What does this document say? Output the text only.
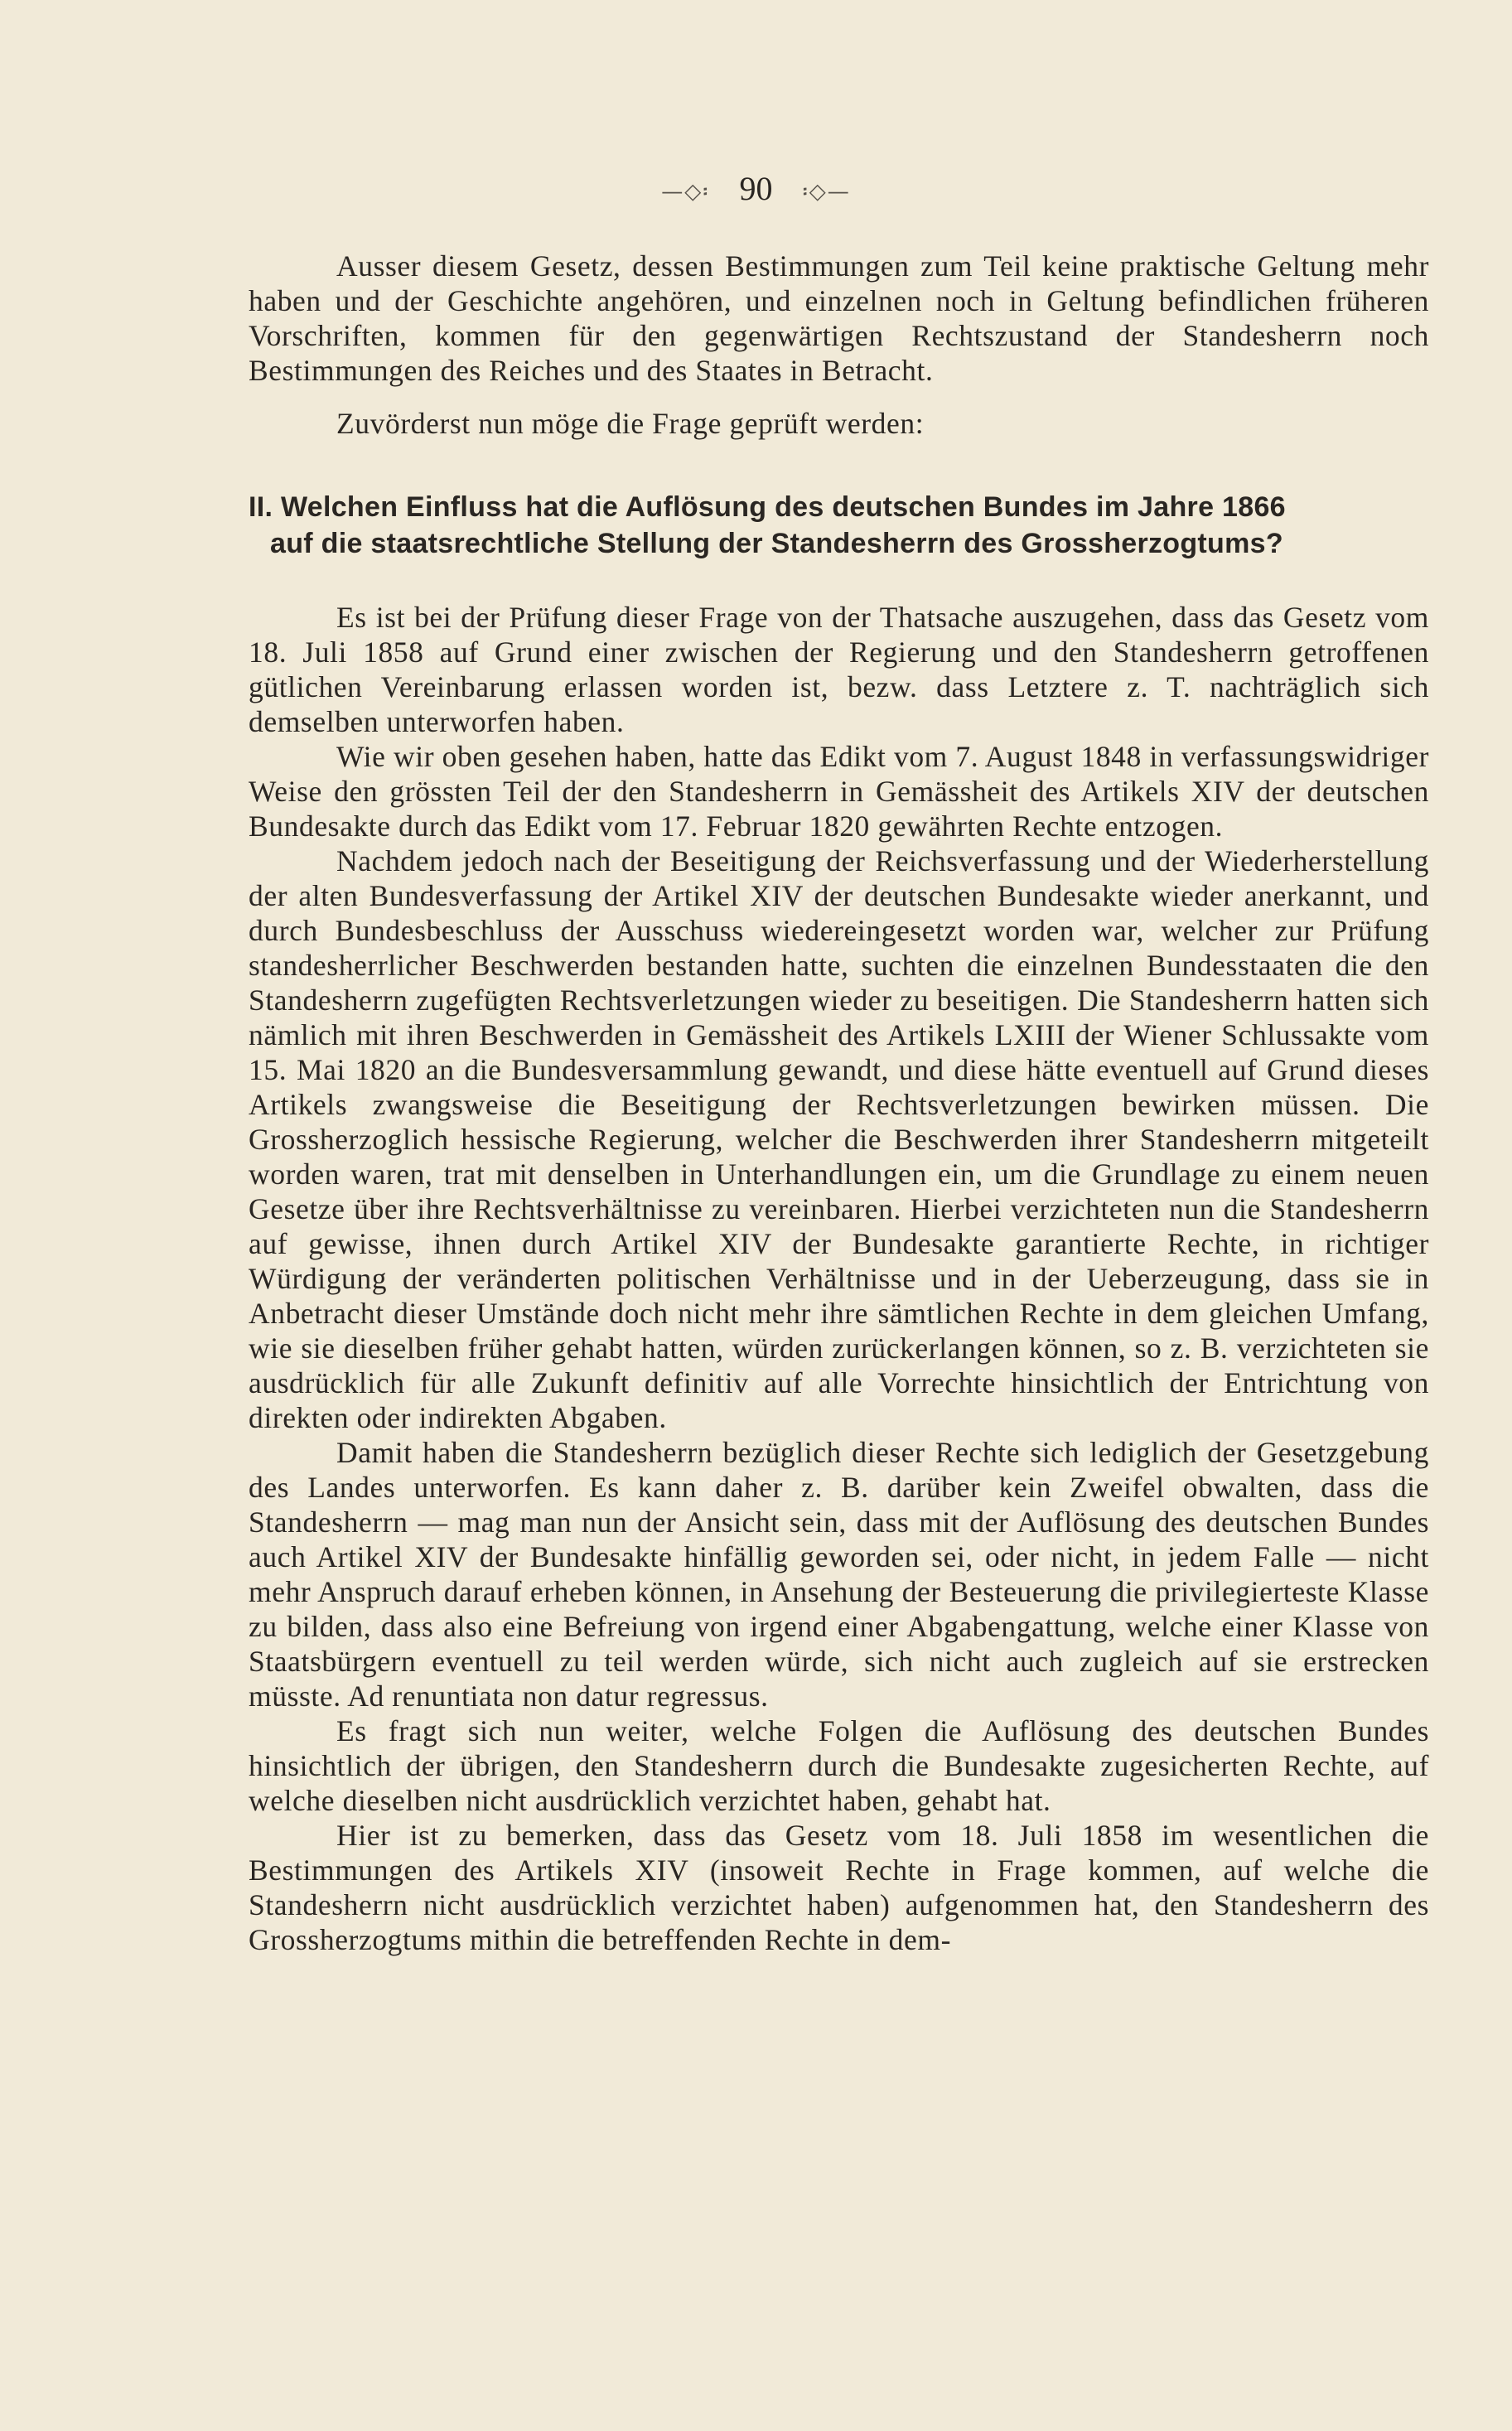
—◇፡ 90 ፡◇—

Ausser diesem Gesetz, dessen Bestimmungen zum Teil keine praktische Geltung mehr haben und der Geschichte angehören, und einzelnen noch in Geltung befindlichen früheren Vorschriften, kommen für den gegenwärtigen Rechtszustand der Standesherrn noch Bestimmungen des Reiches und des Staates in Betracht.

Zuvörderst nun möge die Frage geprüft werden:

II. Welchen Einfluss hat die Auflösung des deutschen Bundes im Jahre 1866
auf die staatsrechtliche Stellung der Standesherrn des Grossherzogtums?

Es ist bei der Prüfung dieser Frage von der Thatsache auszugehen, dass das Gesetz vom 18. Juli 1858 auf Grund einer zwischen der Regierung und den Standesherrn getroffenen gütlichen Vereinbarung erlassen worden ist, bezw. dass Letztere z. T. nachträglich sich demselben unterworfen haben.

Wie wir oben gesehen haben, hatte das Edikt vom 7. August 1848 in verfassungswidriger Weise den grössten Teil der den Standesherrn in Gemässheit des Artikels XIV der deutschen Bundesakte durch das Edikt vom 17. Februar 1820 gewährten Rechte entzogen.

Nachdem jedoch nach der Beseitigung der Reichsverfassung und der Wiederherstellung der alten Bundesverfassung der Artikel XIV der deutschen Bundesakte wieder anerkannt, und durch Bundesbeschluss der Ausschuss wiedereingesetzt worden war, welcher zur Prüfung standesherrlicher Beschwerden bestanden hatte, suchten die einzelnen Bundesstaaten die den Standesherrn zugefügten Rechtsverletzungen wieder zu beseitigen. Die Standesherrn hatten sich nämlich mit ihren Beschwerden in Gemässheit des Artikels LXIII der Wiener Schlussakte vom 15. Mai 1820 an die Bundesversammlung gewandt, und diese hätte eventuell auf Grund dieses Artikels zwangsweise die Beseitigung der Rechtsverletzungen bewirken müssen. Die Grossherzoglich hessische Regierung, welcher die Beschwerden ihrer Standesherrn mitgeteilt worden waren, trat mit denselben in Unterhandlungen ein, um die Grundlage zu einem neuen Gesetze über ihre Rechtsverhältnisse zu vereinbaren. Hierbei verzichteten nun die Standesherrn auf gewisse, ihnen durch Artikel XIV der Bundesakte garantierte Rechte, in richtiger Würdigung der veränderten politischen Verhältnisse und in der Ueberzeugung, dass sie in Anbetracht dieser Umstände doch nicht mehr ihre sämtlichen Rechte in dem gleichen Umfang, wie sie dieselben früher gehabt hatten, würden zurückerlangen können, so z. B. verzichteten sie ausdrücklich für alle Zukunft definitiv auf alle Vorrechte hinsichtlich der Entrichtung von direkten oder indirekten Abgaben.

Damit haben die Standesherrn bezüglich dieser Rechte sich lediglich der Gesetzgebung des Landes unterworfen. Es kann daher z. B. darüber kein Zweifel obwalten, dass die Standesherrn — mag man nun der Ansicht sein, dass mit der Auflösung des deutschen Bundes auch Artikel XIV der Bundesakte hinfällig geworden sei, oder nicht, in jedem Falle — nicht mehr Anspruch darauf erheben können, in Ansehung der Besteuerung die privilegierteste Klasse zu bilden, dass also eine Befreiung von irgend einer Abgabengattung, welche einer Klasse von Staatsbürgern eventuell zu teil werden würde, sich nicht auch zugleich auf sie erstrecken müsste. Ad renuntiata non datur regressus.

Es fragt sich nun weiter, welche Folgen die Auflösung des deutschen Bundes hinsichtlich der übrigen, den Standesherrn durch die Bundesakte zugesicherten Rechte, auf welche dieselben nicht ausdrücklich verzichtet haben, gehabt hat.

Hier ist zu bemerken, dass das Gesetz vom 18. Juli 1858 im wesentlichen die Bestimmungen des Artikels XIV (insoweit Rechte in Frage kommen, auf welche die Standesherrn nicht ausdrücklich verzichtet haben) aufgenommen hat, den Standesherrn des Grossherzogtums mithin die betreffenden Rechte in dem-
